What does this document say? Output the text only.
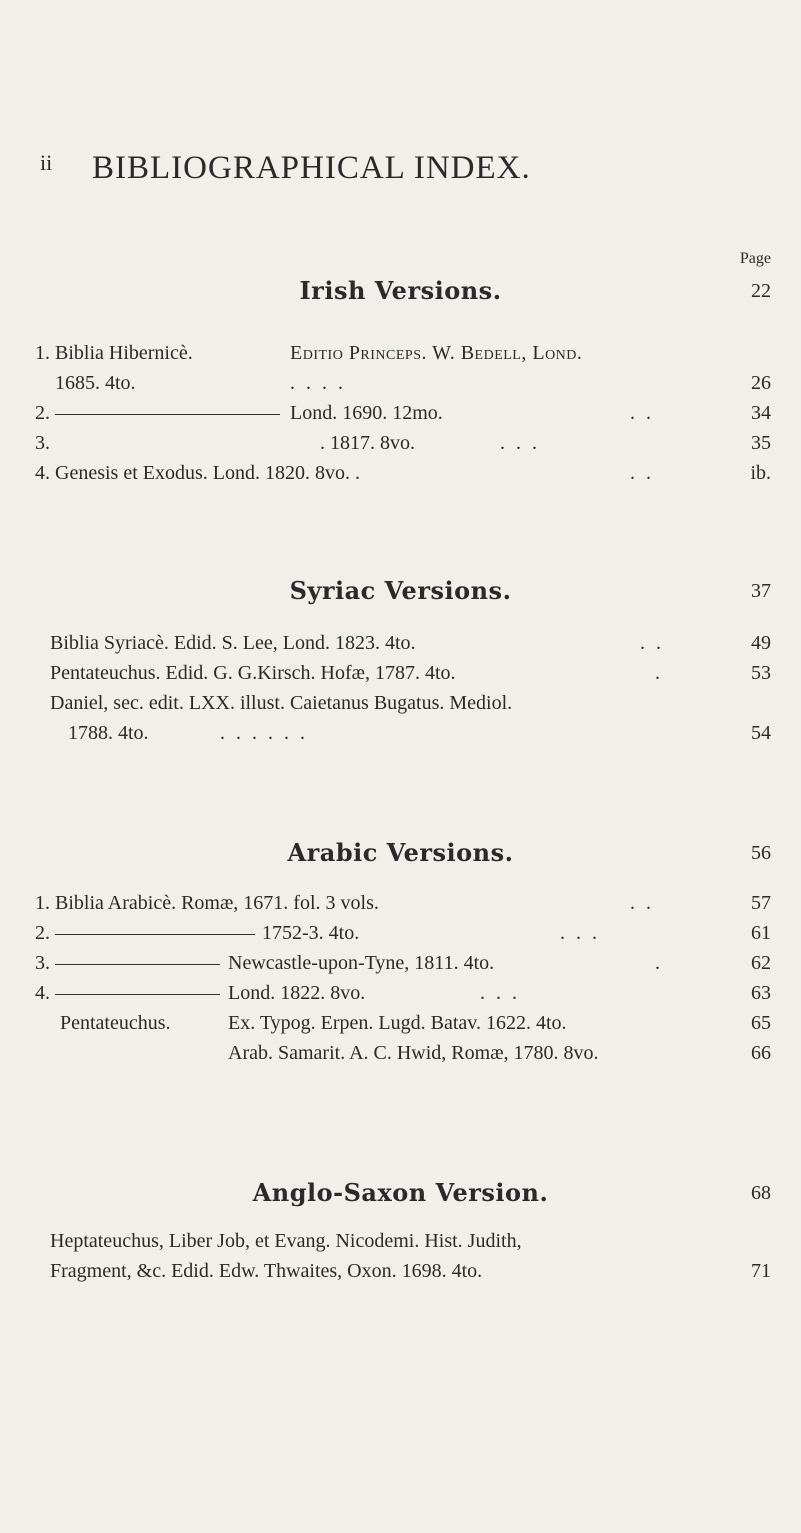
ii BIBLIOGRAPHICAL INDEX.
Page
Irish Versions.	22
1. Biblia Hibernicè.	Editio Princeps. W. Bedell, Lond.
1685. 4to.	. . . .	26
2.	Lond. 1690. 12mo.	. .	34
3.	. 1817. 8vo.	. . .	35
4. Genesis et Exodus. Lond. 1820. 8vo. .	. .	ib.
Syriac Versions.	37
Biblia Syriacè. Edid. S. Lee, Lond. 1823. 4to.	. .	49
Pentateuchus. Edid. G. G.Kirsch. Hofæ, 1787. 4to.	.	53
Daniel, sec. edit. LXX. illust. Caietanus Bugatus. Mediol.
1788. 4to.	. . . . . .	54
Arabic Versions.	56
1. Biblia Arabicè. Romæ, 1671. fol. 3 vols.	. .	57
2.	1752-3. 4to.	. . .	61
3.	Newcastle-upon-Tyne, 1811. 4to.	.	62
4.	Lond. 1822. 8vo.	. . .	63
Pentateuchus.	Ex. Typog. Erpen. Lugd. Batav. 1622. 4to.	65
Arab. Samarit. A. C. Hwid, Romæ, 1780. 8vo.	66
Anglo-Saxon Version.	68
Heptateuchus, Liber Job, et Evang. Nicodemi. Hist. Judith,
Fragment, &c. Edid. Edw. Thwaites, Oxon. 1698. 4to.	71
